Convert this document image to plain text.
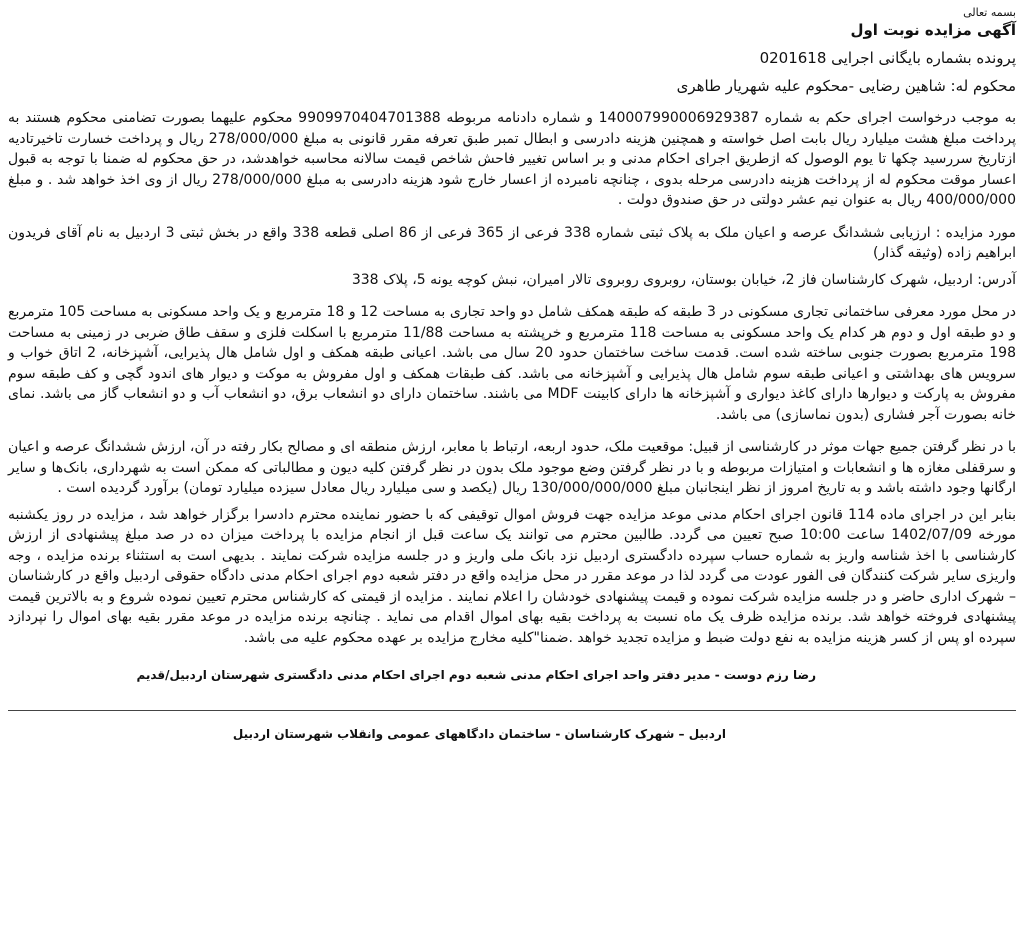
بسمه تعالی
آگهی مزایده نوبت اول
پرونده بشماره بایگانی اجرایی 0201618
محکوم له: شاهین رضایی -محکوم علیه شهریار طاهری
به موجب درخواست اجرای حکم به شماره 140007990006929387 و شماره دادنامه مربوطه 9909970404701388 محکوم علیهما بصورت تضامنی محکوم هستند به پرداخت مبلغ هشت میلیارد ریال بابت اصل خواسته و همچنین هزینه دادرسی و ابطال تمبر طبق تعرفه مقرر قانونی به مبلغ 278/000/000 ریال و پرداخت خسارت تاخیرتادیه ازتاریخ سررسید چکها تا یوم الوصول که ازطریق اجرای احکام مدنی و بر اساس تغییر فاحش شاخص قیمت سالانه محاسبه خواهدشد، در حق محکوم له ضمنا با توجه به قبول اعسار موقت محکوم له از پرداخت هزینه دادرسی مرحله بدوی ، چنانچه نامبرده از اعسار خارج شود هزینه دادرسی به مبلغ 278/000/000 ریال از وی اخذ خواهد شد . و مبلغ 400/000/000 ریال به عنوان نیم عشر دولتی در حق صندوق دولت .
مورد مزایده : ارزیابی ششدانگ عرصه و اعیان ملک به پلاک ثبتی شماره 338 فرعی از 365 فرعی از 86 اصلی قطعه 338 واقع در بخش ثبتی 3 اردبیل به نام آقای فریدون ابراهیم زاده (وثیقه گذار)
آدرس: اردبیل، شهرک کارشناسان فاز 2، خیابان بوستان، روبروی روبروی تالار امیران، نبش کوچه یونه 5، پلاک 338
در محل مورد معرفی ساختمانی تجاری مسکونی در 3 طبقه که طبقه همکف شامل دو واحد تجاری به مساحت 12 و 18 مترمربع و یک واحد مسکونی به مساحت 105 مترمربع و دو طبقه اول و دوم هر کدام یک واحد مسکونی به مساحت 118 مترمربع و خرپشته به مساحت 11/88 مترمربع با اسکلت فلزی و سقف طاق ضربی در زمینی به مساحت 198 مترمربع بصورت جنوبی ساخته شده است. قدمت ساخت ساختمان حدود 20 سال می باشد. اعیانی طبقه همکف و اول شامل هال پذیرایی، آشپزخانه، 2 اتاق خواب و سرویس های بهداشتی و اعیانی طبقه سوم شامل هال پذیرایی و آشپزخانه می باشد. کف طبقات همکف و اول مفروش به موکت و دیوار های اندود گچی و کف طبقه سوم مفروش به پارکت و دیوارها دارای کاغذ دیواری و آشپزخانه ها دارای کابینت MDF می باشند. ساختمان دارای دو انشعاب برق، دو انشعاب آب و دو انشعاب گاز می باشد. نمای خانه بصورت آجر فشاری (بدون نماسازی) می باشد.
با در نظر گرفتن جمیع جهات موثر در کارشناسی از قبیل: موقعیت ملک، حدود اربعه، ارتباط با معابر، ارزش منطقه ای و مصالح بکار رفته در آن، ارزش ششدانگ عرصه و اعیان و سرقفلی مغازه ها و انشعابات و امتیازات مربوطه و با در نظر گرفتن وضع موجود ملک بدون در نظر گرفتن کلیه دیون و مطالباتی که ممکن است به شهرداری، بانک‌ها و سایر ارگانها وجود داشته باشد و به تاریخ امروز از نظر اینجانبان مبلغ 130/000/000/000 ریال (یکصد و سی میلیارد ریال معادل سیزده میلیارد تومان) برآورد گردیده است .
بنابر این در اجرای ماده 114 قانون اجرای احکام مدنی موعد مزایده جهت فروش اموال توقیفی که با حضور نماینده محترم دادسرا برگزار خواهد شد ، مزایده در روز یکشنبه مورخه 1402/07/09 ساعت 10:00 صبح تعیین می گردد. طالبین محترم می توانند یک ساعت قبل از انجام مزایده با پرداخت میزان ده در صد مبلغ پیشنهادی از ارزش کارشناسی با اخذ شناسه واریز به شماره حساب سپرده دادگستری اردبیل نزد بانک ملی واریز و در جلسه مزایده شرکت نمایند . بدیهی است به استثناء برنده مزایده ، وجه واریزی سایر شرکت کنندگان فی الفور عودت می گردد لذا در موعد مقرر در محل مزایده واقع در دفتر شعبه دوم اجرای احکام مدنی دادگاه حقوقی اردبیل واقع در کارشناسان – شهرک اداری حاضر و در جلسه مزایده شرکت نموده و قیمت پیشنهادی خودشان را اعلام نمایند . مزایده از قیمتی که کارشناس محترم تعیین نموده شروع و به بالاترین قیمت پیشنهادی فروخته خواهد شد. برنده مزایده ظرف یک ماه نسبت به پرداخت بقیه بهای اموال اقدام می نماید . چنانچه برنده مزایده در موعد مقرر بقیه بهای اموال را نپردازد سپرده او پس از کسر هزینه مزایده به نفع دولت ضبط و مزایده تجدید خواهد .ضمنا"کلیه مخارج مزایده بر عهده محکوم علیه می باشد.
رضا رزم دوست - مدیر دفتر واحد اجرای احکام مدنی شعبه دوم اجرای احکام مدنی دادگستری شهرستان اردبیل/قدیم
اردبیل – شهرک کارشناسان - ساختمان دادگاههای عمومی وانقلاب شهرستان اردبیل
